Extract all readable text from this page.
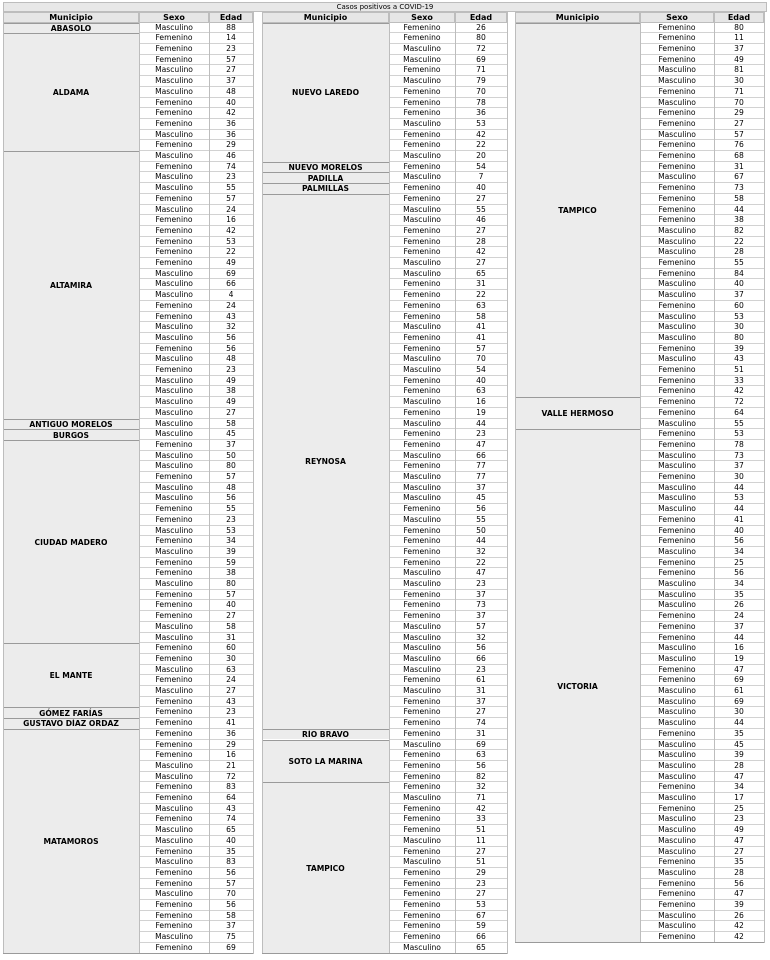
Casos positivos a COVID-19
Municipio	Sexo	Edad
ABASOLO	Masculino	88
ALDAMA
Femenino	14
Femenino	23
Femenino	57
Masculino	27
Masculino	37
Masculino	48
Femenino	40
Femenino	42
Femenino	36
Masculino	36
Femenino	29
ALTAMIRA
Masculino	46
Femenino	74
Masculino	23
Masculino	55
Femenino	57
Masculino	24
Femenino	16
Femenino	42
Femenino	53
Femenino	22
Femenino	49
Masculino	69
Masculino	66
Masculino	4
Femenino	24
Femenino	43
Masculino	32
Masculino	56
Femenino	56
Masculino	48
Femenino	23
Masculino	49
Masculino	38
Masculino	49
Masculino	27
ANTIGUO MORELOS	Masculino	58
BURGOS	Masculino	45
CIUDAD MADERO
Femenino	37
Masculino	50
Masculino	80
Femenino	57
Masculino	48
Masculino	56
Femenino	55
Femenino	23
Masculino	53
Femenino	34
Masculino	39
Femenino	59
Femenino	38
Masculino	80
Femenino	57
Femenino	40
Femenino	27
Masculino	58
Masculino	31
EL MANTE
Femenino	60
Femenino	30
Masculino	63
Femenino	24
Masculino	27
Femenino	43
GÓMEZ FARÍAS	Femenino	23
GUSTAVO DÍAZ ORDAZ	Femenino	41
MATAMOROS
Femenino	36
Femenino	29
Femenino	16
Masculino	21
Masculino	72
Femenino	83
Femenino	64
Masculino	43
Femenino	74
Masculino	65
Masculino	40
Femenino	35
Masculino	83
Femenino	56
Femenino	57
Masculino	70
Femenino	56
Femenino	58
Femenino	37
Masculino	75
Femenino	69
Municipio	Sexo	Edad
NUEVO LAREDO
Femenino	26
Femenino	80
Masculino	72
Masculino	69
Femenino	71
Masculino	79
Femenino	70
Femenino	78
Femenino	36
Masculino	53
Femenino	42
Femenino	22
Masculino	20
NUEVO MORELOS	Femenino	54
PADILLA	Masculino	7
PALMILLAS	Femenino	40
REYNOSA
Femenino	27
Masculino	55
Masculino	46
Femenino	27
Femenino	28
Femenino	42
Masculino	27
Masculino	65
Femenino	31
Femenino	22
Femenino	63
Femenino	58
Masculino	41
Femenino	41
Femenino	57
Masculino	70
Masculino	54
Femenino	40
Femenino	63
Masculino	16
Femenino	19
Masculino	44
Femenino	23
Femenino	47
Masculino	66
Femenino	77
Masculino	77
Masculino	37
Masculino	45
Femenino	56
Masculino	55
Femenino	50
Femenino	44
Femenino	32
Femenino	22
Masculino	47
Masculino	23
Femenino	37
Femenino	73
Femenino	37
Masculino	57
Masculino	32
Masculino	56
Masculino	66
Masculino	23
Femenino	61
Masculino	31
Femenino	37
Femenino	27
Femenino	74
RÍO BRAVO	Femenino	31
SOTO LA MARINA
Masculino	69
Femenino	63
Femenino	56
Femenino	82
TAMPICO
Femenino	32
Masculino	71
Femenino	42
Femenino	33
Femenino	51
Masculino	11
Femenino	27
Masculino	51
Femenino	29
Femenino	23
Femenino	27
Femenino	53
Femenino	67
Femenino	59
Femenino	66
Masculino	65
Municipio	Sexo	Edad
TAMPICO
Femenino	80
Femenino	11
Femenino	37
Femenino	49
Masculino	81
Masculino	30
Femenino	71
Masculino	70
Femenino	29
Femenino	27
Masculino	57
Femenino	76
Femenino	68
Femenino	31
Masculino	67
Femenino	73
Femenino	58
Femenino	44
Femenino	38
Masculino	82
Masculino	22
Masculino	28
Femenino	55
Femenino	84
Masculino	40
Masculino	37
Femenino	60
Masculino	53
Masculino	30
Masculino	80
Femenino	39
Masculino	43
Femenino	51
Femenino	33
Femenino	42
VALLE HERMOSO
Femenino	72
Femenino	64
Masculino	55
VICTORIA
Femenino	53
Femenino	78
Masculino	73
Masculino	37
Femenino	30
Masculino	44
Masculino	53
Masculino	44
Femenino	41
Femenino	40
Femenino	56
Masculino	34
Femenino	25
Femenino	56
Masculino	34
Masculino	35
Masculino	26
Femenino	24
Femenino	37
Femenino	44
Masculino	16
Masculino	19
Femenino	47
Femenino	69
Masculino	61
Masculino	69
Masculino	30
Masculino	44
Femenino	35
Masculino	45
Masculino	39
Masculino	28
Masculino	47
Femenino	34
Masculino	17
Femenino	25
Masculino	23
Masculino	49
Masculino	47
Masculino	27
Femenino	35
Masculino	28
Femenino	56
Femenino	47
Femenino	39
Masculino	26
Masculino	42
Femenino	42
